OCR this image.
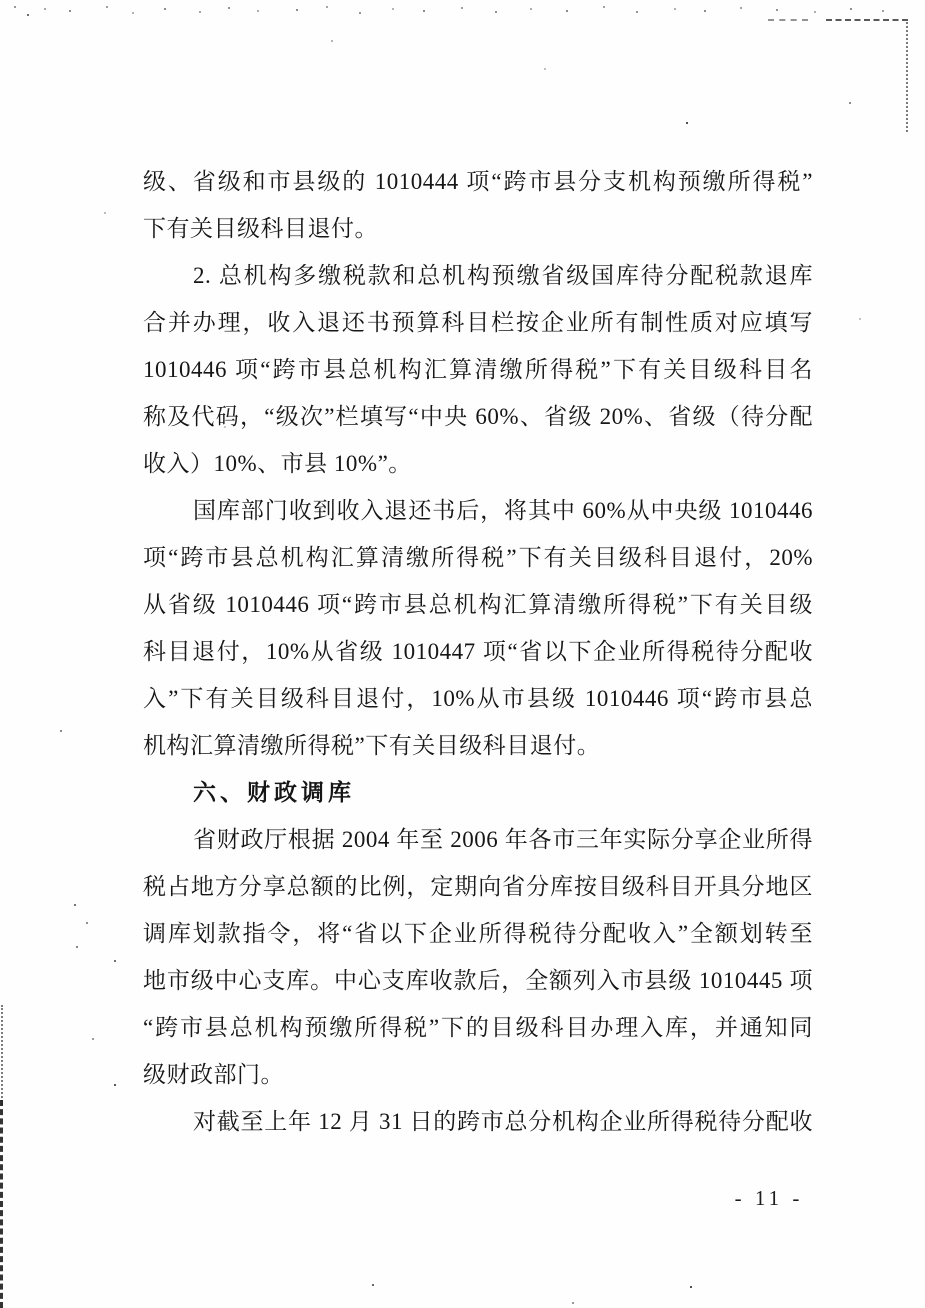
级、省级和市县级的 1010444 项“跨市县分支机构预缴所得税”
下有关目级科目退付。
2. 总机构多缴税款和总机构预缴省级国库待分配税款退库
合并办理，收入退还书预算科目栏按企业所有制性质对应填写
1010446 项“跨市县总机构汇算清缴所得税”下有关目级科目名
称及代码，“级次”栏填写“中央 60%、省级 20%、省级（待分配
收入）10%、市县 10%”。
国库部门收到收入退还书后，将其中 60%从中央级 1010446
项“跨市县总机构汇算清缴所得税”下有关目级科目退付，20%
从省级 1010446 项“跨市县总机构汇算清缴所得税”下有关目级
科目退付，10%从省级 1010447 项“省以下企业所得税待分配收
入”下有关目级科目退付，10%从市县级 1010446 项“跨市县总
机构汇算清缴所得税”下有关目级科目退付。
六、财政调库
省财政厅根据 2004 年至 2006 年各市三年实际分享企业所得
税占地方分享总额的比例，定期向省分库按目级科目开具分地区
调库划款指令，将“省以下企业所得税待分配收入”全额划转至
地市级中心支库。中心支库收款后，全额列入市县级 1010445 项
“跨市县总机构预缴所得税”下的目级科目办理入库，并通知同
级财政部门。
对截至上年 12 月 31 日的跨市总分机构企业所得税待分配收
- 11 -
